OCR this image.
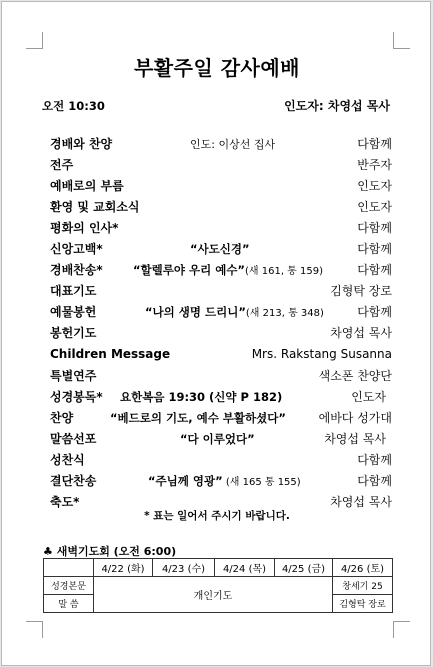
부활주일 감사예배
오전 10:30	인도자: 차영섭 목사
경배와 찬양	인도: 이상선 집사	다함께
전주	반주자
예배로의 부름	인도자
환영 및 교회소식	인도자
평화의 인사*	다함께
신앙고백*	“사도신경”	다함께
경배찬송*	“할렐루야 우리 예수”(새 161, 통 159)	다함께
대표기도	김형탁 장로
예물봉헌	“나의 생명 드리니”(새 213, 통 348)	다함께
봉헌기도	차영섭 목사
Children Message	Mrs. Rakstang Susanna
특별연주	색소폰 찬양단
성경봉독* 요한복음 19:30 (신약 P 182)	인도자
찬양	“베드로의 기도, 예수 부활하셨다”	에바다 성가대
말씀선포	“다 이루었다”	차영섭 목사
성찬식	다함께
결단찬송	“주님께 영광” (새 165 통 155)	다함께
축도*	차영섭 목사
* 표는 일어서 주시기 바랍니다.
♣ 새벽기도회 (오전 6:00)
	4/22 (화)	4/23 (수)	4/24 (목)	4/25 (금)	4/26 (토)
성경본문	개인기도				창세기 25
말 씀					김형탁 장로
